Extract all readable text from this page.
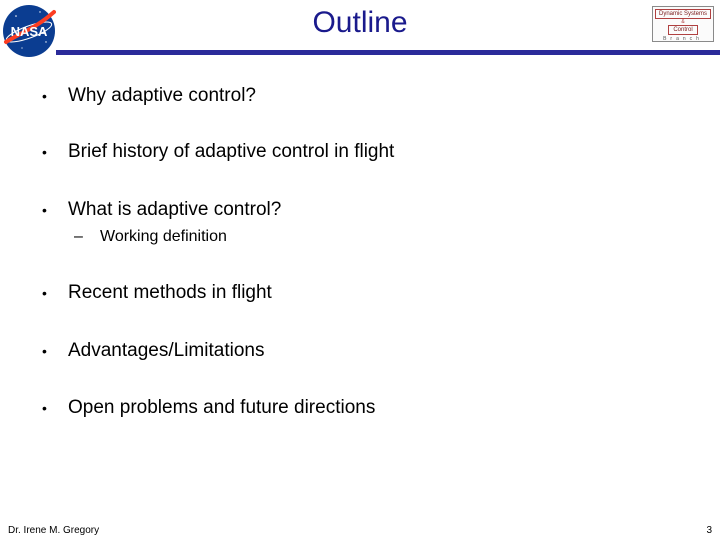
NASA	Outline	Dynamic Systems
&
Control
Branch
•	Why adaptive control?
•	Brief history of adaptive control in flight
•	What is adaptive control?
–	Working definition
•	Recent methods in flight
•	Advantages/Limitations
•	Open problems and future directions
Dr. Irene M. Gregory	3
